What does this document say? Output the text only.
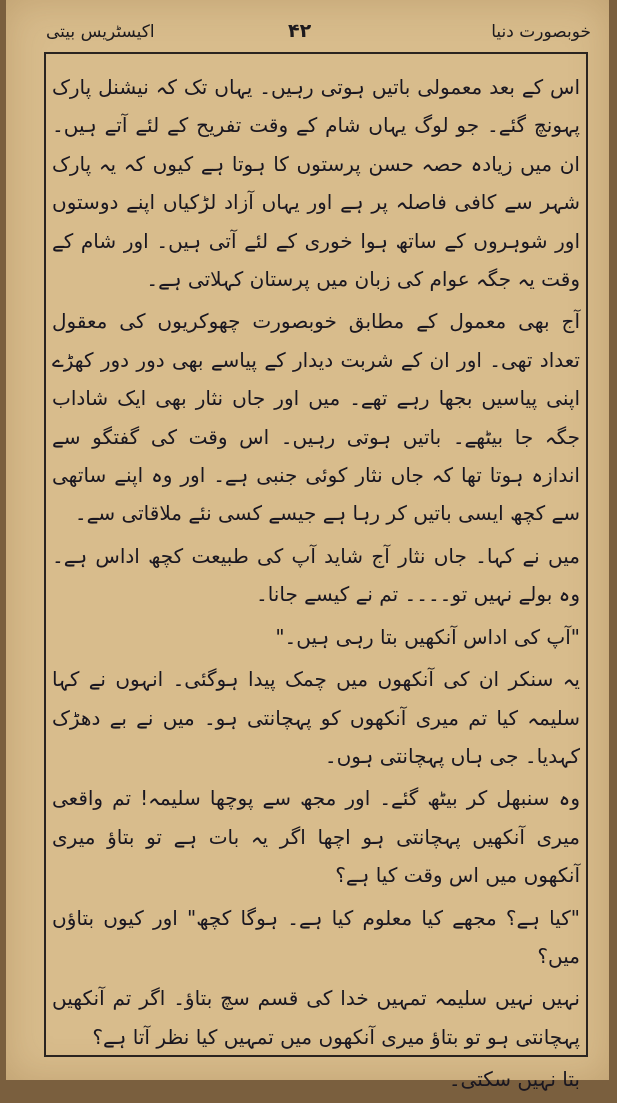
اکیسٹریس بیتی	۴۲	خوبصورت دنیا

اس کے بعد معمولی باتیں ہوتی رہیں۔ یہاں تک کہ نیشنل پارک پہونچ گئے۔ جو لوگ یہاں شام کے وقت تفریح کے لئے آتے ہیں۔ ان میں زیادہ حصہ حسن پرستوں کا ہوتا ہے کیوں کہ یہ پارک شہر سے کافی فاصلہ پر ہے اور یہاں آزاد لڑکیاں اپنے دوستوں اور شوہروں کے ساتھ ہوا خوری کے لئے آتی ہیں۔ اور شام کے وقت یہ جگہ عوام کی زبان میں پرستان کہلاتی ہے۔

آج بھی معمول کے مطابق خوبصورت چھوکریوں کی معقول تعداد تھی۔ اور ان کے شربت دیدار کے پیاسے بھی دور دور کھڑے اپنی پیاسیں بجھا رہے تھے۔ میں اور جاں نثار بھی ایک شاداب جگہ جا بیٹھے۔ باتیں ہوتی رہیں۔ اس وقت کی گفتگو سے اندازہ ہوتا تھا کہ جاں نثار کوئی جنبی ہے۔ اور وہ اپنے ساتھی سے کچھ ایسی باتیں کر رہا ہے جیسے کسی نئے ملاقاتی سے۔

میں نے کہا۔ جاں نثار آج شاید آپ کی طبیعت کچھ اداس ہے۔ وہ بولے نہیں تو۔۔۔۔ تم نے کیسے جانا۔

"آپ کی اداس آنکھیں بتا رہی ہیں۔"

یہ سنکر ان کی آنکھوں میں چمک پیدا ہوگئی۔ انہوں نے کہا سلیمہ کیا تم میری آنکھوں کو پہچانتی ہو۔ میں نے بے دھڑک کہدیا۔ جی ہاں پہچانتی ہوں۔

وہ سنبھل کر بیٹھ گئے۔ اور مجھ سے پوچھا سلیمہ! تم واقعی میری آنکھیں پہچانتی ہو اچھا اگر یہ بات ہے تو بتاؤ میری آنکھوں میں اس وقت کیا ہے؟

"کیا ہے؟ مجھے کیا معلوم کیا ہے۔ ہوگا کچھ" اور کیوں بتاؤں میں؟

نہیں نہیں سلیمہ تمہیں خدا کی قسم سچ بتاؤ۔ اگر تم آنکھیں پہچانتی ہو تو بتاؤ میری آنکھوں میں تمہیں کیا نظر آتا ہے؟

بتا نہیں سکتی۔
